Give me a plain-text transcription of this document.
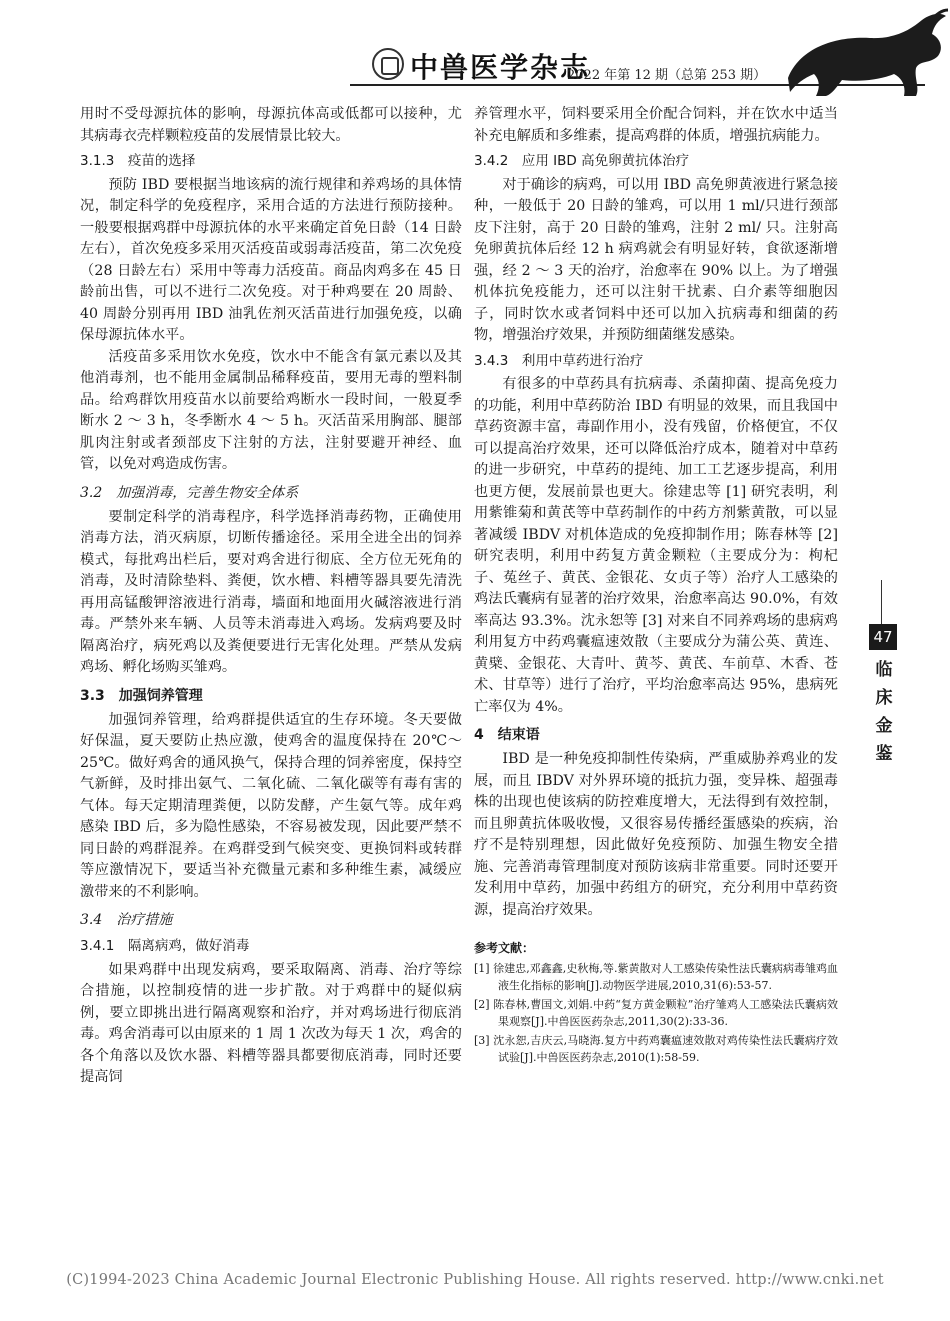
中兽医学杂志
2022 年第 12 期（总第 253 期）

用时不受母源抗体的影响，母源抗体高或低都可以接种，尤其病毒衣壳样颗粒疫苗的发展情景比较大。

3.1.3　疫苗的选择

预防 IBD 要根据当地该病的流行规律和养鸡场的具体情况，制定科学的免疫程序，采用合适的方法进行预防接种。一般要根据鸡群中母源抗体的水平来确定首免日龄（14 日龄左右），首次免疫多采用灭活疫苗或弱毒活疫苗，第二次免疫（28 日龄左右）采用中等毒力活疫苗。商品肉鸡多在 45 日龄前出售，可以不进行二次免疫。对于种鸡要在 20 周龄、40 周龄分别再用 IBD 油乳佐剂灭活苗进行加强免疫，以确保母源抗体水平。

活疫苗多采用饮水免疫，饮水中不能含有氯元素以及其他消毒剂，也不能用金属制品稀释疫苗，要用无毒的塑料制品。给鸡群饮用疫苗水以前要给鸡断水一段时间，一般夏季断水 2 ～ 3 h，冬季断水 4 ～ 5 h。灭活苗采用胸部、腿部肌肉注射或者颈部皮下注射的方法，注射要避开神经、血管，以免对鸡造成伤害。

3.2　加强消毒，完善生物安全体系

要制定科学的消毒程序，科学选择消毒药物，正确使用消毒方法，消灭病原，切断传播途径。采用全进全出的饲养模式，每批鸡出栏后，要对鸡舍进行彻底、全方位无死角的消毒，及时清除垫料、粪便，饮水槽、料槽等器具要先清洗再用高锰酸钾溶液进行消毒，墙面和地面用火碱溶液进行消毒。严禁外来车辆、人员等未消毒进入鸡场。发病鸡要及时隔离治疗，病死鸡以及粪便要进行无害化处理。严禁从发病鸡场、孵化场购买雏鸡。

3.3　加强饲养管理

加强饲养管理，给鸡群提供适宜的生存环境。冬天要做好保温，夏天要防止热应激，使鸡舍的温度保持在 20℃～ 25℃。做好鸡舍的通风换气，保持合理的饲养密度，保持空气新鲜，及时排出氨气、二氧化硫、二氧化碳等有毒有害的气体。每天定期清理粪便，以防发酵，产生氨气等。成年鸡感染 IBD 后，多为隐性感染，不容易被发现，因此要严禁不同日龄的鸡群混养。在鸡群受到气候突变、更换饲料或转群等应激情况下，要适当补充微量元素和多种维生素，减缓应激带来的不利影响。

3.4　治疗措施
3.4.1　隔离病鸡，做好消毒

如果鸡群中出现发病鸡，要采取隔离、消毒、治疗等综合措施，以控制疫情的进一步扩散。对于鸡群中的疑似病例，要立即挑出进行隔离观察和治疗，并对鸡场进行彻底消毒。鸡舍消毒可以由原来的 1 周 1 次改为每天 1 次，鸡舍的各个角落以及饮水器、料槽等器具都要彻底消毒，同时还要提高饲

养管理水平，饲料要采用全价配合饲料，并在饮水中适当补充电解质和多维素，提高鸡群的体质，增强抗病能力。

3.4.2　应用 IBD 高免卵黄抗体治疗

对于确诊的病鸡，可以用 IBD 高免卵黄液进行紧急接种，一般低于 20 日龄的雏鸡，可以用 1 ml/只进行颈部皮下注射，高于 20 日龄的雏鸡，注射 2 ml/ 只。注射高免卵黄抗体后经 12 h 病鸡就会有明显好转，食欲逐渐增强，经 2 ～ 3 天的治疗，治愈率在 90% 以上。为了增强机体抗免疫能力，还可以注射干扰素、白介素等细胞因子，同时饮水或者饲料中还可以加入抗病毒和细菌的药物，增强治疗效果，并预防细菌继发感染。

3.4.3　利用中草药进行治疗

有很多的中草药具有抗病毒、杀菌抑菌、提高免疫力的功能，利用中草药防治 IBD 有明显的效果，而且我国中草药资源丰富，毒副作用小，没有残留，价格便宜，不仅可以提高治疗效果，还可以降低治疗成本，随着对中草药的进一步研究，中草药的提纯、加工工艺逐步提高，利用也更方便，发展前景也更大。徐建忠等 [1] 研究表明，利用紫锥菊和黄芪等中草药制作的中药方剂紫黄散，可以显著减缓 IBDV 对机体造成的免疫抑制作用；陈春林等 [2] 研究表明，利用中药复方黄金颗粒（主要成分为：枸杞子、菟丝子、黄芪、金银花、女贞子等）治疗人工感染的鸡法氏囊病有显著的治疗效果，治愈率高达 90.0%，有效率高达 93.3%。沈永恕等 [3] 对来自不同养鸡场的患病鸡利用复方中药鸡囊瘟速效散（主要成分为蒲公英、黄连、黄檗、金银花、大青叶、黄芩、黄芪、车前草、木香、苍术、甘草等）进行了治疗，平均治愈率高达 95%，患病死亡率仅为 4%。

4 结束语

IBD 是一种免疫抑制性传染病，严重威胁养鸡业的发展，而且 IBDV 对外界环境的抵抗力强，变异株、超强毒株的出现也使该病的防控难度增大，无法得到有效控制，而且卵黄抗体吸收慢，又很容易传播经蛋感染的疾病，治疗不是特别理想，因此做好免疫预防、加强生物安全措施、完善消毒管理制度对预防该病非常重要。同时还要开发利用中草药，加强中药组方的研究，充分利用中草药资源，提高治疗效果。

参考文献：

[1] 徐建忠,邓鑫鑫,史秋梅,等.紫黄散对人工感染传染性法氏囊病病毒雏鸡血液生化指标的影响[J].动物医学进展,2010,31(6):53-57.

[2] 陈春林,曹国文,刘娟.中药“复方黄金颗粒”治疗雏鸡人工感染法氏囊病效果观察[J].中兽医医药杂志,2011,30(2):33-36.

[3] 沈永恕,吉庆云,马晓海.复方中药鸡囊瘟速效散对鸡传染性法氏囊病疗效试验[J].中兽医医药杂志,2010(1):58-59.

47
临
床
金
鉴
(C)1994-2023 China Academic Journal Electronic Publishing House. All rights reserved. http://www.cnki.net
